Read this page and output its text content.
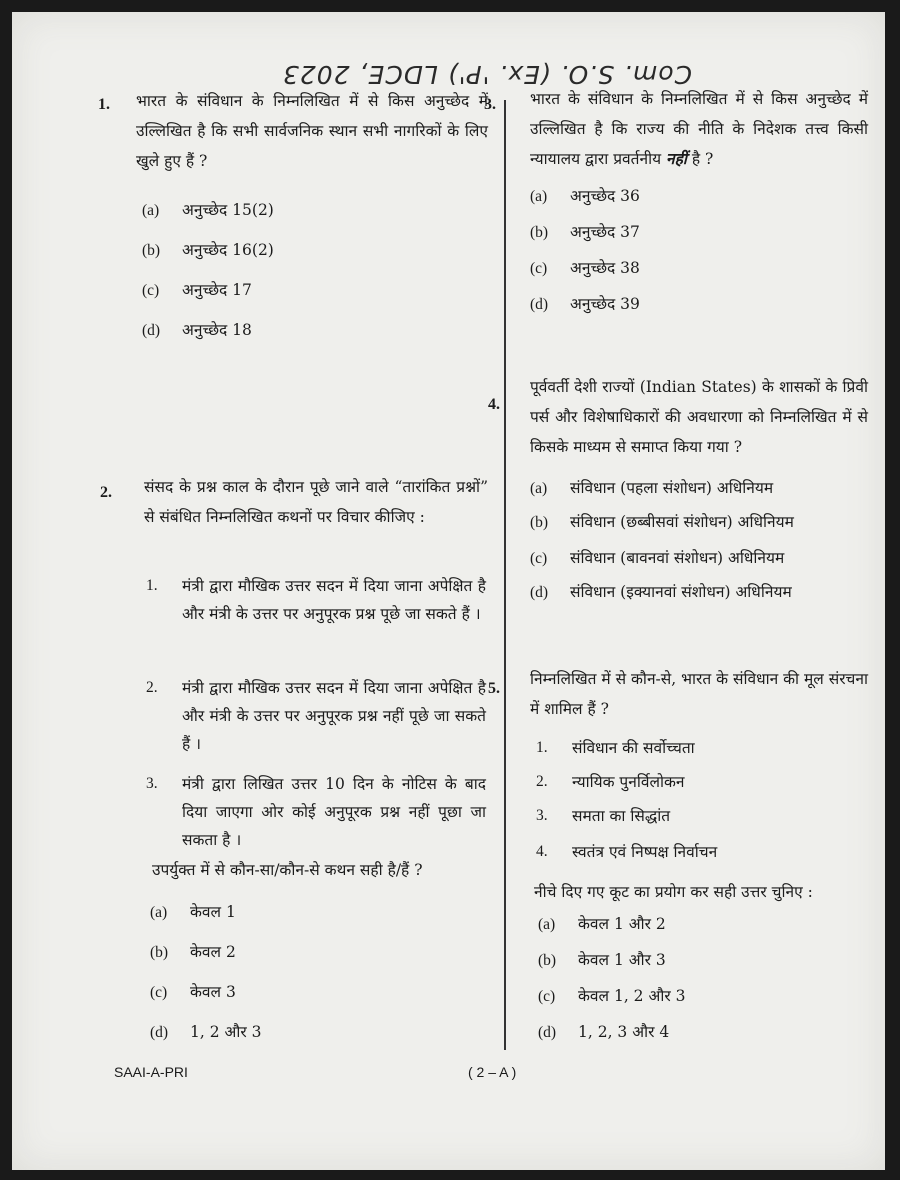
Com. S.O. (Ex. 'P') LDCE, 2023
1. भारत के संविधान के निम्नलिखित में से किस अनुच्छेद में उल्लिखित है कि सभी सार्वजनिक स्थान सभी नागरिकों के लिए खुले हुए हैं ?
(a) अनुच्छेद 15(2)
(b) अनुच्छेद 16(2)
(c) अनुच्छेद 17
(d) अनुच्छेद 18
2. संसद के प्रश्न काल के दौरान पूछे जाने वाले “तारांकित प्रश्नों” से संबंधित निम्नलिखित कथनों पर विचार कीजिए :
1. मंत्री द्वारा मौखिक उत्तर सदन में दिया जाना अपेक्षित है और मंत्री के उत्तर पर अनुपूरक प्रश्न पूछे जा सकते हैं ।
2. मंत्री द्वारा मौखिक उत्तर सदन में दिया जाना अपेक्षित है और मंत्री के उत्तर पर अनुपूरक प्रश्न नहीं पूछे जा सकते हैं ।
3. मंत्री द्वारा लिखित उत्तर 10 दिन के नोटिस के बाद दिया जाएगा ओर कोई अनुपूरक प्रश्न नहीं पूछा जा सकता है ।
उपर्युक्त में से कौन-सा/कौन-से कथन सही है/हैं ?
(a) केवल 1
(b) केवल 2
(c) केवल 3
(d) 1, 2 और 3
3. भारत के संविधान के निम्नलिखित में से किस अनुच्छेद में उल्लिखित है कि राज्य की नीति के निदेशक तत्त्व किसी न्यायालय द्वारा प्रवर्तनीय नहीं है ?
(a) अनुच्छेद 36
(b) अनुच्छेद 37
(c) अनुच्छेद 38
(d) अनुच्छेद 39
4.
पूर्ववर्ती देशी राज्यों (Indian States) के शासकों के प्रिवी पर्स और विशेषाधिकारों की अवधारणा को निम्नलिखित में से किसके माध्यम से समाप्त किया गया ?
(a) संविधान (पहला संशोधन) अधिनियम
(b) संविधान (छब्बीसवां संशोधन) अधिनियम
(c) संविधान (बावनवां संशोधन) अधिनियम
(d) संविधान (इक्यानवां संशोधन) अधिनियम
5.
निम्नलिखित में से कौन-से, भारत के संविधान की मूल संरचना में शामिल हैं ?
1. संविधान की सर्वोच्चता
2. न्यायिक पुनर्विलोकन
3. समता का सिद्धांत
4. स्वतंत्र एवं निष्पक्ष निर्वाचन
नीचे दिए गए कूट का प्रयोग कर सही उत्तर चुनिए :
(a) केवल 1 और 2
(b) केवल 1 और 3
(c) केवल 1, 2 और 3
(d) 1, 2, 3 और 4
SAAI-A-PRI	( 2 – A )
